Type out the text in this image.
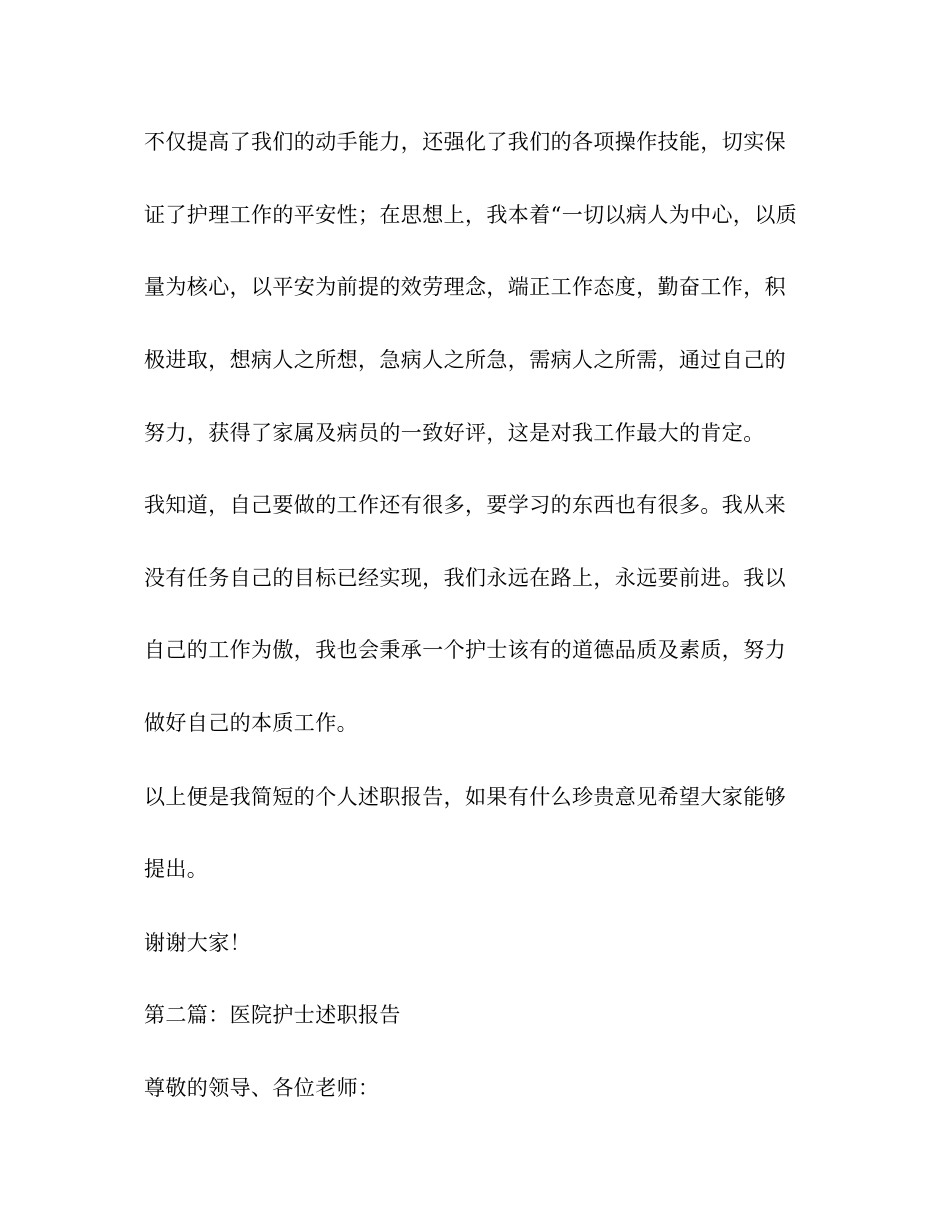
不仅提高了我们的动手能力，还强化了我们的各项操作技能，切实保
证了护理工作的平安性；在思想上，我本着“一切以病人为中心，以质
量为核心，以平安为前提的效劳理念，端正工作态度，勤奋工作，积
极进取，想病人之所想，急病人之所急，需病人之所需，通过自己的
努力，获得了家属及病员的一致好评，这是对我工作最大的肯定。
我知道，自己要做的工作还有很多，要学习的东西也有很多。我从来
没有任务自己的目标已经实现，我们永远在路上，永远要前进。我以
自己的工作为傲，我也会秉承一个护士该有的道德品质及素质，努力
做好自己的本质工作。
以上便是我简短的个人述职报告，如果有什么珍贵意见希望大家能够
提出。
谢谢大家！
第二篇：医院护士述职报告
尊敬的领导、各位老师：
